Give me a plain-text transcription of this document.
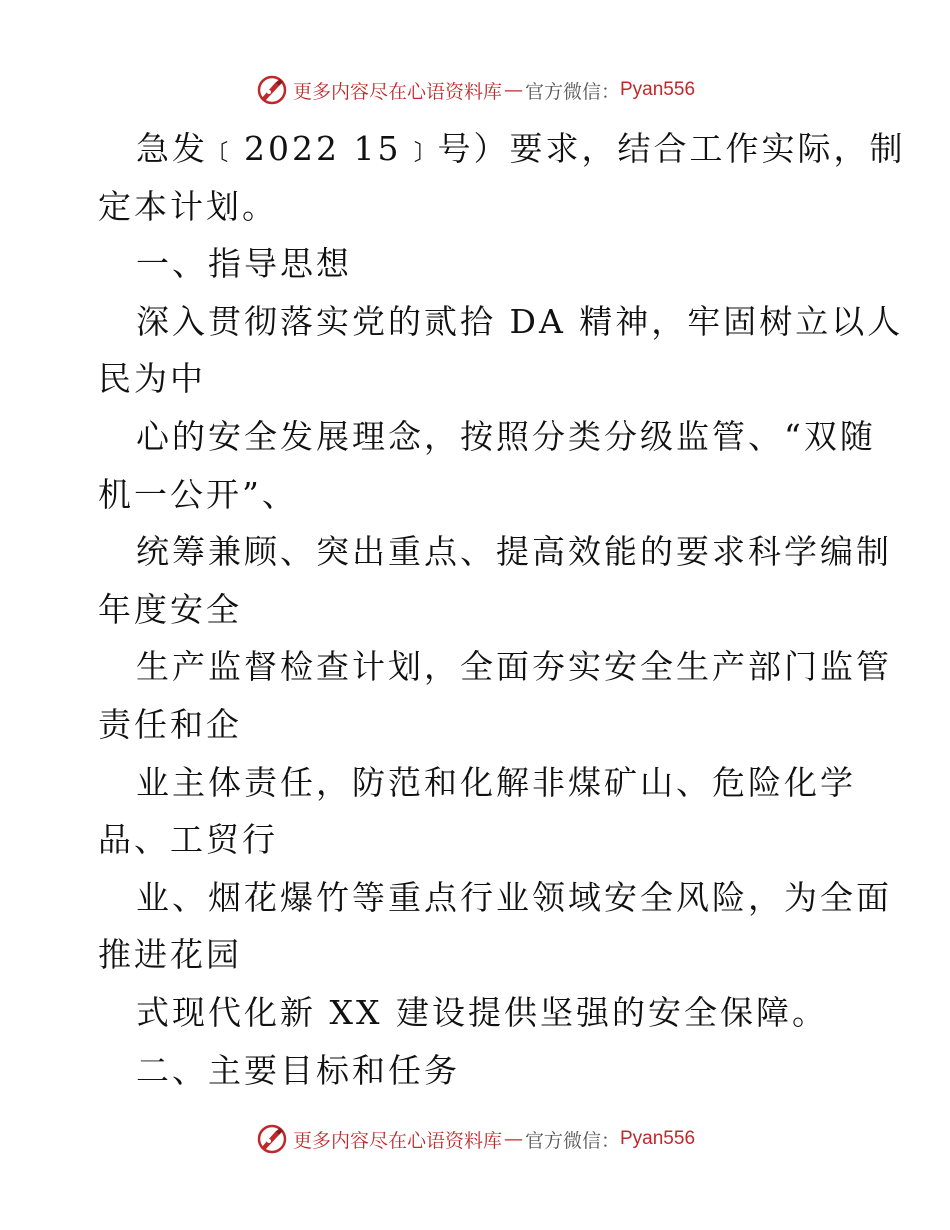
更多内容尽在心语资料库 — 官方微信： Pyan556
急发﹝2022 15﹞号）要求，结合工作实际，制
定本计划。
一、指导思想
深入贯彻落实党的贰拾 DA 精神，牢固树立以人
民为中
心的安全发展理念，按照分类分级监管、“双随
机一公开”、
统筹兼顾、突出重点、提高效能的要求科学编制
年度安全
生产监督检查计划，全面夯实安全生产部门监管
责任和企
业主体责任，防范和化解非煤矿山、危险化学
品、工贸行
业、烟花爆竹等重点行业领域安全风险，为全面
推进花园
式现代化新 XX 建设提供坚强的安全保障。
二、主要目标和任务
更多内容尽在心语资料库 — 官方微信： Pyan556
